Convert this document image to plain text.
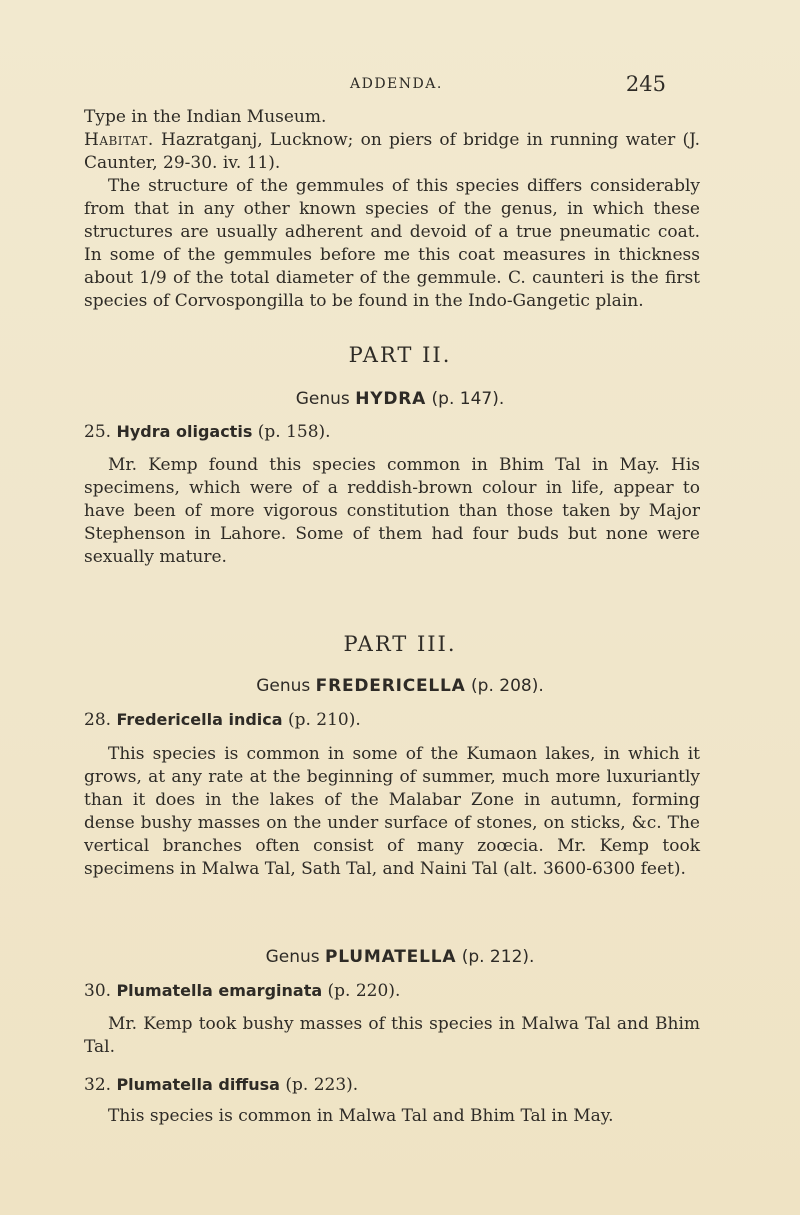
ADDENDA.	245

Type in the Indian Museum.

Habitat. Hazratganj, Lucknow; on piers of bridge in running water (J. Caunter, 29-30. iv. 11).

The structure of the gemmules of this species differs considerably from that in any other known species of the genus, in which these structures are usually adherent and devoid of a true pneumatic coat. In some of the gemmules before me this coat measures in thickness about 1/9 of the total diameter of the gemmule. C. caunteri is the first species of Corvospongilla to be found in the Indo-Gangetic plain.

PART II.
Genus HYDRA (p. 147).
25. Hydra oligactis (p. 158).

Mr. Kemp found this species common in Bhim Tal in May. His specimens, which were of a reddish-brown colour in life, appear to have been of more vigorous constitution than those taken by Major Stephenson in Lahore. Some of them had four buds but none were sexually mature.

PART III.
Genus FREDERICELLA (p. 208).
28. Fredericella indica (p. 210).

This species is common in some of the Kumaon lakes, in which it grows, at any rate at the beginning of summer, much more luxuriantly than it does in the lakes of the Malabar Zone in autumn, forming dense bushy masses on the under surface of stones, on sticks, &c. The vertical branches often consist of many zoœcia. Mr. Kemp took specimens in Malwa Tal, Sath Tal, and Naini Tal (alt. 3600-6300 feet).

Genus PLUMATELLA (p. 212).
30. Plumatella emarginata (p. 220).

Mr. Kemp took bushy masses of this species in Malwa Tal and Bhim Tal.

32. Plumatella diffusa (p. 223).

This species is common in Malwa Tal and Bhim Tal in May.
